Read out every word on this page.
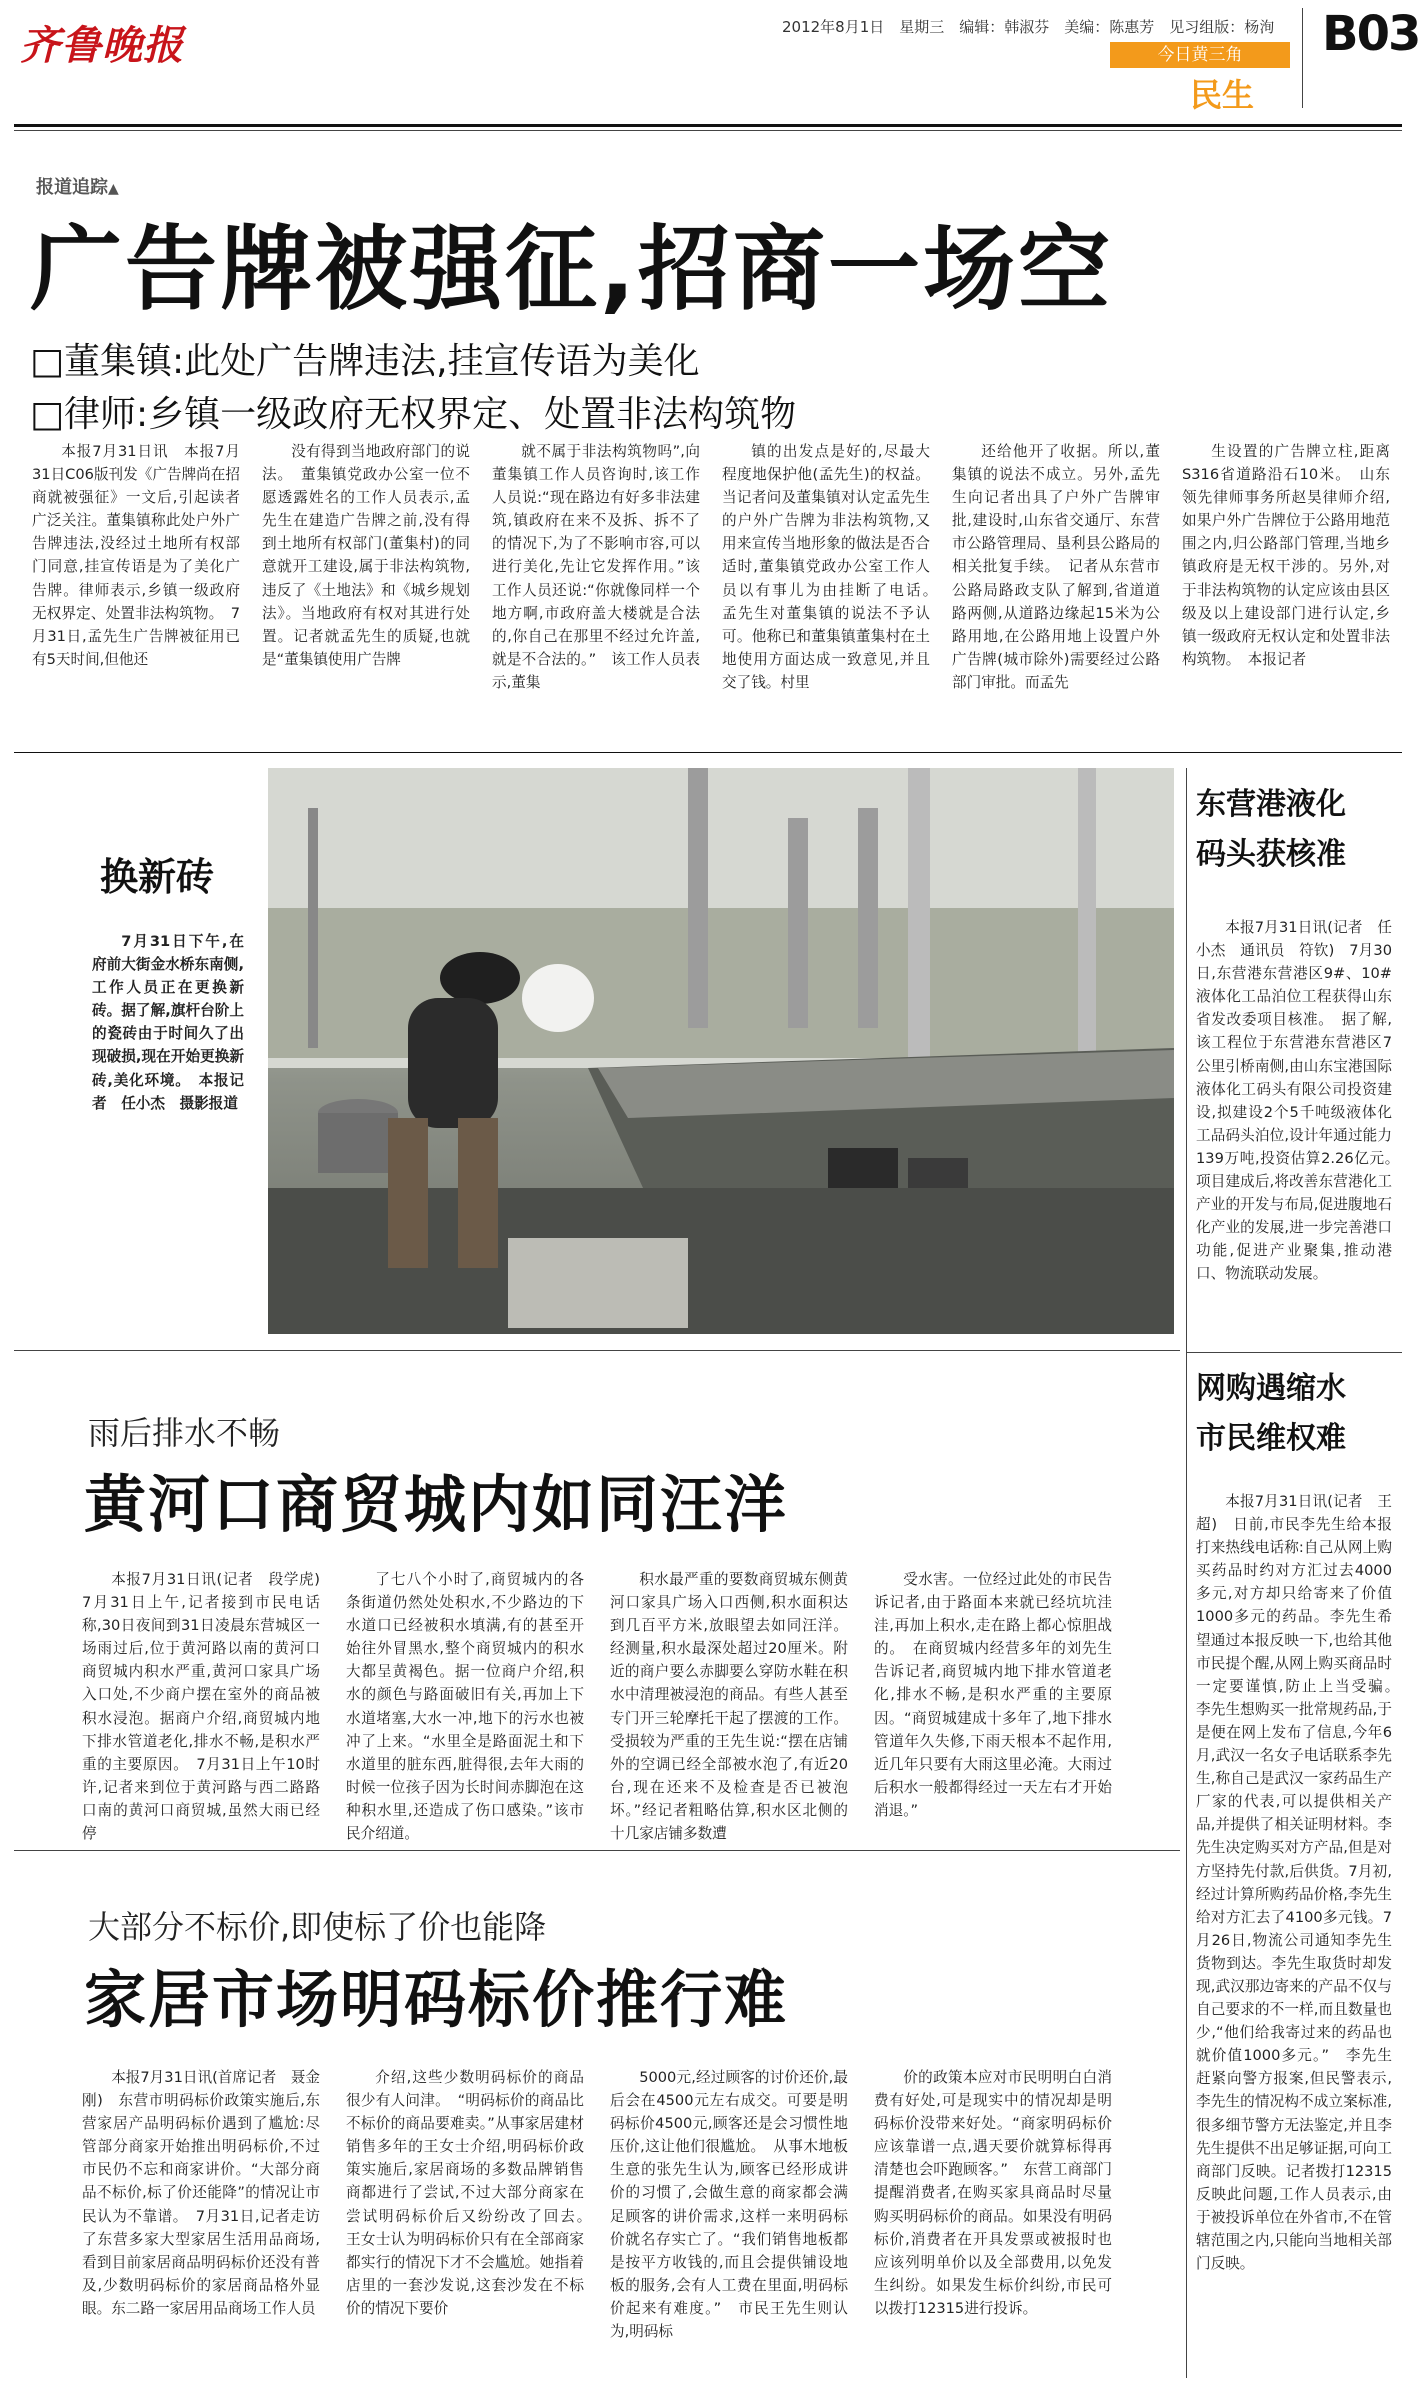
齐鲁晚报	2012年8月1日　星期三　编辑：韩淑芬　美编：陈惠芳　见习组版：杨洵
今日黄三角
民生
B03
报道追踪▲
广告牌被强征,招商一场空
□董集镇:此处广告牌违法,挂宣传语为美化
□律师:乡镇一级政府无权界定、处置非法构筑物

本报7月31日讯　本报7月31日C06版刊发《广告牌尚在招商就被强征》一文后,引起读者广泛关注。董集镇称此处户外广告牌违法,没经过土地所有权部门同意,挂宣传语是为了美化广告牌。律师表示,乡镇一级政府无权界定、处置非法构筑物。　7月31日,孟先生广告牌被征用已有5天时间,但他还

没有得到当地政府部门的说法。　董集镇党政办公室一位不愿透露姓名的工作人员表示,孟先生在建造广告牌之前,没有得到土地所有权部门(董集村)的同意就开工建设,属于非法构筑物,违反了《土地法》和《城乡规划法》。当地政府有权对其进行处置。记者就孟先生的质疑,也就是“董集镇使用广告牌

就不属于非法构筑物吗”,向董集镇工作人员咨询时,该工作人员说:“现在路边有好多非法建筑,镇政府在来不及拆、拆不了的情况下,为了不影响市容,可以进行美化,先让它发挥作用。”该工作人员还说:“你就像同样一个地方啊,市政府盖大楼就是合法的,你自己在那里不经过允许盖,就是不合法的。”　该工作人员表示,董集

镇的出发点是好的,尽最大程度地保护他(孟先生)的权益。当记者问及董集镇对认定孟先生的户外广告牌为非法构筑物,又用来宣传当地形象的做法是否合适时,董集镇党政办公室工作人员以有事儿为由挂断了电话。　孟先生对董集镇的说法不予认可。他称已和董集镇董集村在土地使用方面达成一致意见,并且交了钱。村里

还给他开了收据。所以,董集镇的说法不成立。另外,孟先生向记者出具了户外广告牌审批,建设时,山东省交通厅、东营市公路管理局、垦利县公路局的相关批复手续。　记者从东营市公路局路政支队了解到,省道道路两侧,从道路边缘起15米为公路用地,在公路用地上设置户外广告牌(城市除外)需要经过公路部门审批。而孟先

生设置的广告牌立柱,距离S316省道路沿石10米。　山东领先律师事务所赵昊律师介绍,如果户外广告牌位于公路用地范围之内,归公路部门管理,当地乡镇政府是无权干涉的。另外,对于非法构筑物的认定应该由县区级及以上建设部门进行认定,乡镇一级政府无权认定和处置非法构筑物。　本报记者

换新砖

7月31日下午,在府前大街金水桥东南侧,工作人员正在更换新砖。据了解,旗杆台阶上的瓷砖由于时间久了出现破损,现在开始更换新砖,美化环境。　本报记者　任小杰　摄影报道

东营港液化
码头获核准

本报7月31日讯(记者　任小杰　通讯员　符钦)　7月30日,东营港东营港区9#、10#液体化工品泊位工程获得山东省发改委项目核准。　据了解,该工程位于东营港东营港区7公里引桥南侧,由山东宝港国际液体化工码头有限公司投资建设,拟建设2个5千吨级液体化工品码头泊位,设计年通过能力139万吨,投资估算2.26亿元。　项目建成后,将改善东营港化工产业的开发与布局,促进腹地石化产业的发展,进一步完善港口功能,促进产业聚集,推动港口、物流联动发展。

网购遇缩水
市民维权难

本报7月31日讯(记者　王超)　日前,市民李先生给本报打来热线电话称:自己从网上购买药品时约对方汇过去4000多元,对方却只给寄来了价值1000多元的药品。李先生希望通过本报反映一下,也给其他市民提个醒,从网上购买商品时一定要谨慎,防止上当受骗。　李先生想购买一批常规药品,于是便在网上发布了信息,今年6月,武汉一名女子电话联系李先生,称自己是武汉一家药品生产厂家的代表,可以提供相关产品,并提供了相关证明材料。李先生决定购买对方产品,但是对方坚持先付款,后供货。7月初,经过计算所购药品价格,李先生给对方汇去了4100多元钱。7月26日,物流公司通知李先生货物到达。李先生取货时却发现,武汉那边寄来的产品不仅与自己要求的不一样,而且数量也少,“他们给我寄过来的药品也就价值1000多元。”　李先生赶紧向警方报案,但民警表示,李先生的情况构不成立案标准,很多细节警方无法鉴定,并且李先生提供不出足够证据,可向工商部门反映。记者拨打12315反映此问题,工作人员表示,由于被投诉单位在外省市,不在管辖范围之内,只能向当地相关部门反映。

雨后排水不畅
黄河口商贸城内如同汪洋

本报7月31日讯(记者　段学虎)　7月31日上午,记者接到市民电话称,30日夜间到31日凌晨东营城区一场雨过后,位于黄河路以南的黄河口商贸城内积水严重,黄河口家具广场入口处,不少商户摆在室外的商品被积水浸泡。据商户介绍,商贸城内地下排水管道老化,排水不畅,是积水严重的主要原因。　7月31日上午10时许,记者来到位于黄河路与西二路路口南的黄河口商贸城,虽然大雨已经停

了七八个小时了,商贸城内的各条街道仍然处处积水,不少路边的下水道口已经被积水填满,有的甚至开始往外冒黑水,整个商贸城内的积水大都呈黄褐色。据一位商户介绍,积水的颜色与路面破旧有关,再加上下水道堵塞,大水一冲,地下的污水也被冲了上来。“水里全是路面泥土和下水道里的脏东西,脏得很,去年大雨的时候一位孩子因为长时间赤脚泡在这种积水里,还造成了伤口感染。”该市民介绍道。

积水最严重的要数商贸城东侧黄河口家具广场入口西侧,积水面积达到几百平方米,放眼望去如同汪洋。经测量,积水最深处超过20厘米。附近的商户要么赤脚要么穿防水鞋在积水中清理被浸泡的商品。有些人甚至专门开三轮摩托干起了摆渡的工作。受损较为严重的王先生说:“摆在店铺外的空调已经全部被水泡了,有近20台,现在还来不及检查是否已被泡坏。”经记者粗略估算,积水区北侧的十几家店铺多数遭

受水害。一位经过此处的市民告诉记者,由于路面本来就已经坑坑洼洼,再加上积水,走在路上都心惊胆战的。　在商贸城内经营多年的刘先生告诉记者,商贸城内地下排水管道老化,排水不畅,是积水严重的主要原因。“商贸城建成十多年了,地下排水管道年久失修,下雨天根本不起作用,近几年只要有大雨这里必淹。大雨过后积水一般都得经过一天左右才开始消退。”

大部分不标价,即使标了价也能降
家居市场明码标价推行难

本报7月31日讯(首席记者　聂金刚)　东营市明码标价政策实施后,东营家居产品明码标价遇到了尴尬:尽管部分商家开始推出明码标价,不过市民仍不忘和商家讲价。“大部分商品不标价,标了价还能降”的情况让市民认为不靠谱。　7月31日,记者走访了东营多家大型家居生活用品商场,看到目前家居商品明码标价还没有普及,少数明码标价的家居商品格外显眼。东二路一家居用品商场工作人员

介绍,这些少数明码标价的商品很少有人问津。　“明码标价的商品比不标价的商品要难卖。”从事家居建材销售多年的王女士介绍,明码标价政策实施后,家居商场的多数品牌销售商都进行了尝试,不过大部分商家在尝试明码标价后又纷纷改了回去。　王女士认为明码标价只有在全部商家都实行的情况下才不会尴尬。她指着店里的一套沙发说,这套沙发在不标价的情况下要价

5000元,经过顾客的讨价还价,最后会在4500元左右成交。可要是明码标价4500元,顾客还是会习惯性地压价,这让他们很尴尬。　从事木地板生意的张先生认为,顾客已经形成讲价的习惯了,会做生意的商家都会满足顾客的讲价需求,这样一来明码标价就名存实亡了。“我们销售地板都是按平方收钱的,而且会提供铺设地板的服务,会有人工费在里面,明码标价起来有难度。”　市民王先生则认为,明码标

价的政策本应对市民明明白白消费有好处,可是现实中的情况却是明码标价没带来好处。“商家明码标价应该靠谱一点,遇天要价就算标得再清楚也会吓跑顾客。”　东营工商部门提醒消费者,在购买家具商品时尽量购买明码标价的商品。如果没有明码标价,消费者在开具发票或被报时也应该列明单价以及全部费用,以免发生纠纷。如果发生标价纠纷,市民可以拨打12315进行投诉。
